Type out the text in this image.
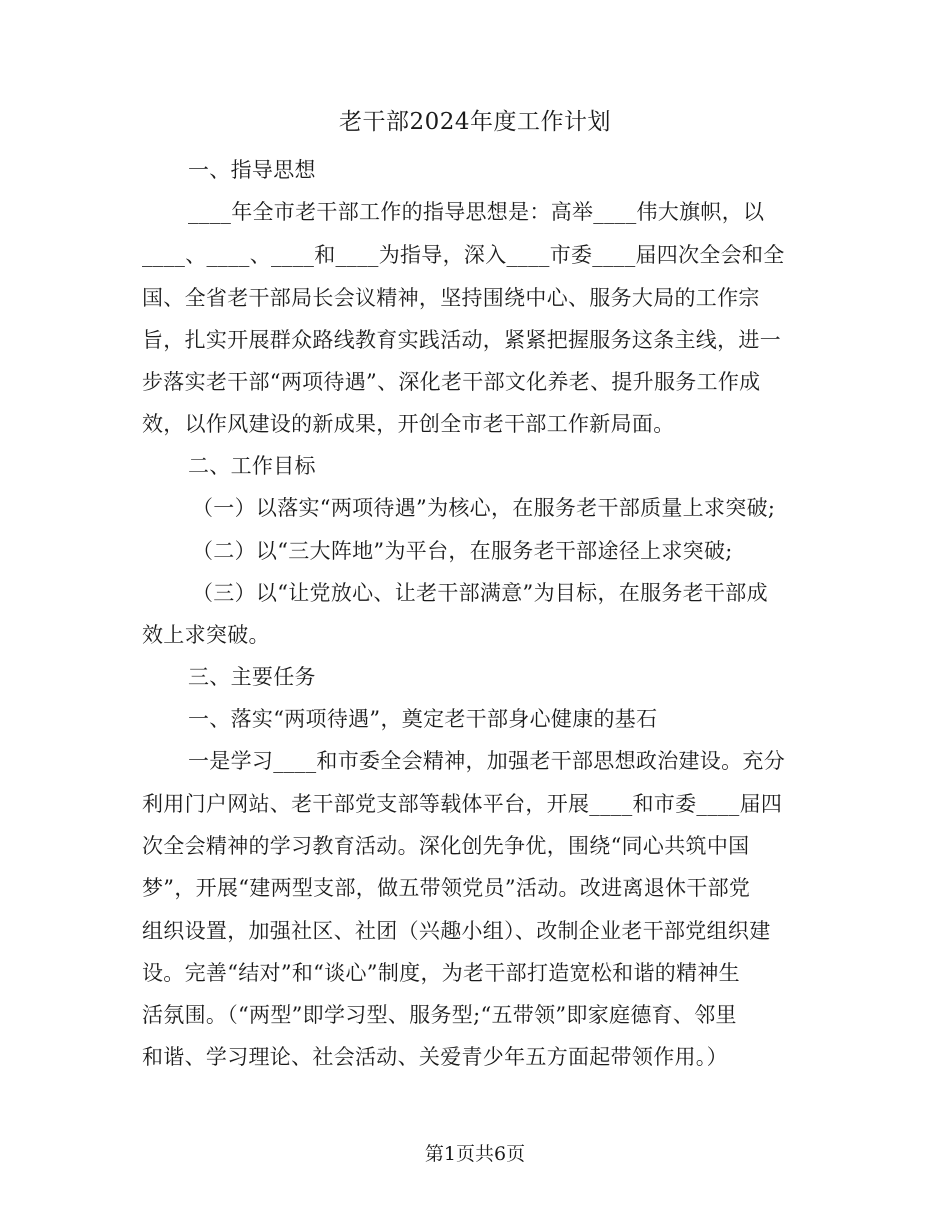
老干部2024年度工作计划
一、指导思想
____年全市老干部工作的指导思想是：高举____伟大旗帜，以
____、____、____和____为指导，深入____市委____届四次全会和全
国、全省老干部局长会议精神，坚持围绕中心、服务大局的工作宗
旨，扎实开展群众路线教育实践活动，紧紧把握服务这条主线，进一
步落实老干部“两项待遇”、深化老干部文化养老、提升服务工作成
效，以作风建设的新成果，开创全市老干部工作新局面。
二、工作目标
（一）以落实“两项待遇”为核心，在服务老干部质量上求突破;
（二）以“三大阵地”为平台，在服务老干部途径上求突破;
（三）以“让党放心、让老干部满意”为目标，在服务老干部成
效上求突破。
三、主要任务
一、落实“两项待遇”，奠定老干部身心健康的基石
一是学习____和市委全会精神，加强老干部思想政治建设。充分
利用门户网站、老干部党支部等载体平台，开展____和市委____届四
次全会精神的学习教育活动。深化创先争优，围绕“同心共筑中国
梦”，开展“建两型支部，做五带领党员”活动。改进离退休干部党
组织设置，加强社区、社团（兴趣小组）、改制企业老干部党组织建
设。完善“结对”和“谈心”制度，为老干部打造宽松和谐的精神生
活氛围。（“两型”即学习型、服务型;“五带领”即家庭德育、邻里
和谐、学习理论、社会活动、关爱青少年五方面起带领作用。）
第1页共6页
